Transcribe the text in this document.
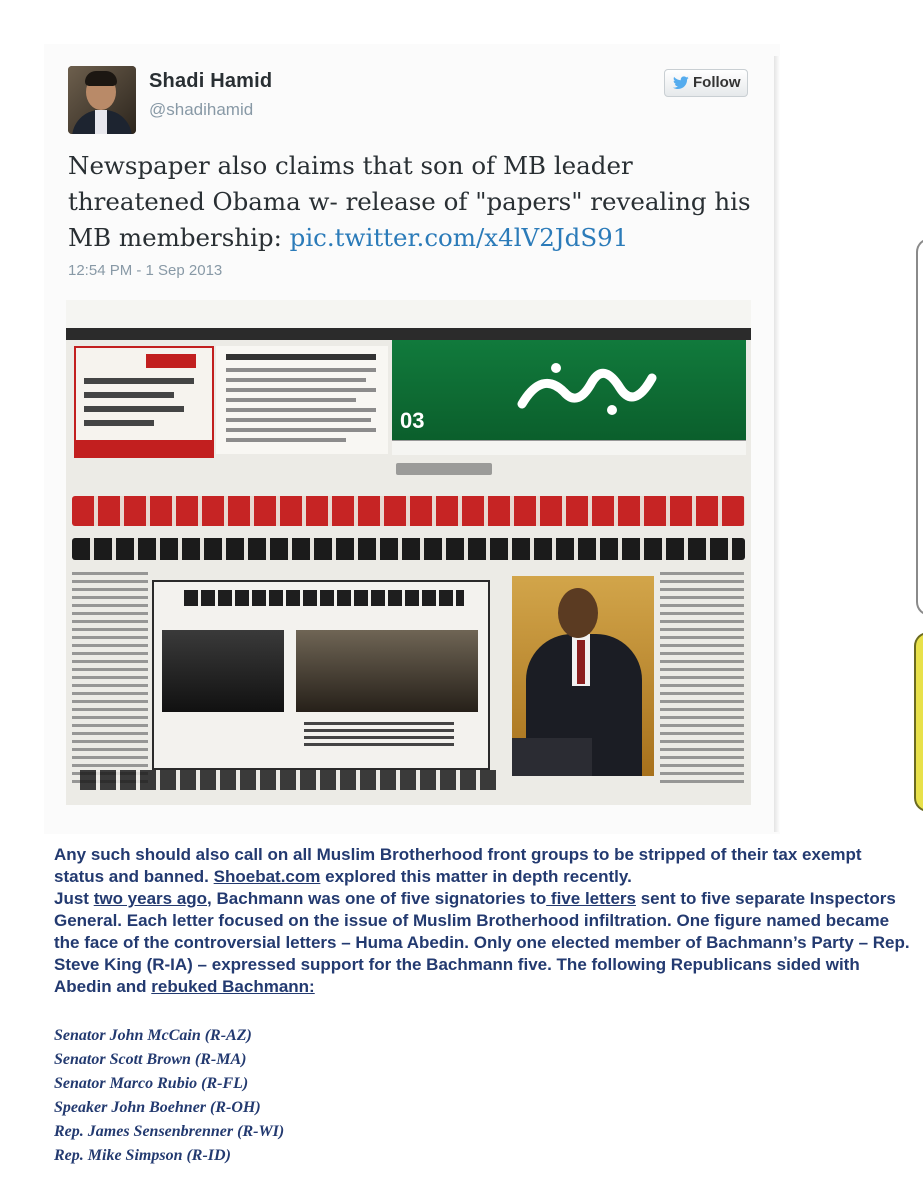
Shadi Hamid
@shadihamid
Follow

Newspaper also claims that son of MB leader threatened Obama w- release of "papers" revealing his MB membership: pic.twitter.com/x4lV2JdS91

12:54 PM - 1 Sep 2013
03

Any such should also call on all Muslim Brotherhood front groups to be stripped of their tax exempt status and banned. Shoebat.com explored this matter in depth recently.

Just two years ago, Bachmann was one of five signatories to five letters sent to five separate Inspectors General. Each letter focused on the issue of Muslim Brotherhood infiltration. One figure named became the face of the controversial letters – Huma Abedin. Only one elected member of Bachmann’s Party – Rep. Steve King (R-IA) – expressed support for the Bachmann five. The following Republicans sided with Abedin and rebuked Bachmann:

Senator John McCain (R-AZ)
Senator Scott Brown (R-MA)
Senator Marco Rubio (R-FL)
Speaker John Boehner (R-OH)
Rep. James Sensenbrenner (R-WI)
Rep. Mike Simpson (R-ID)
